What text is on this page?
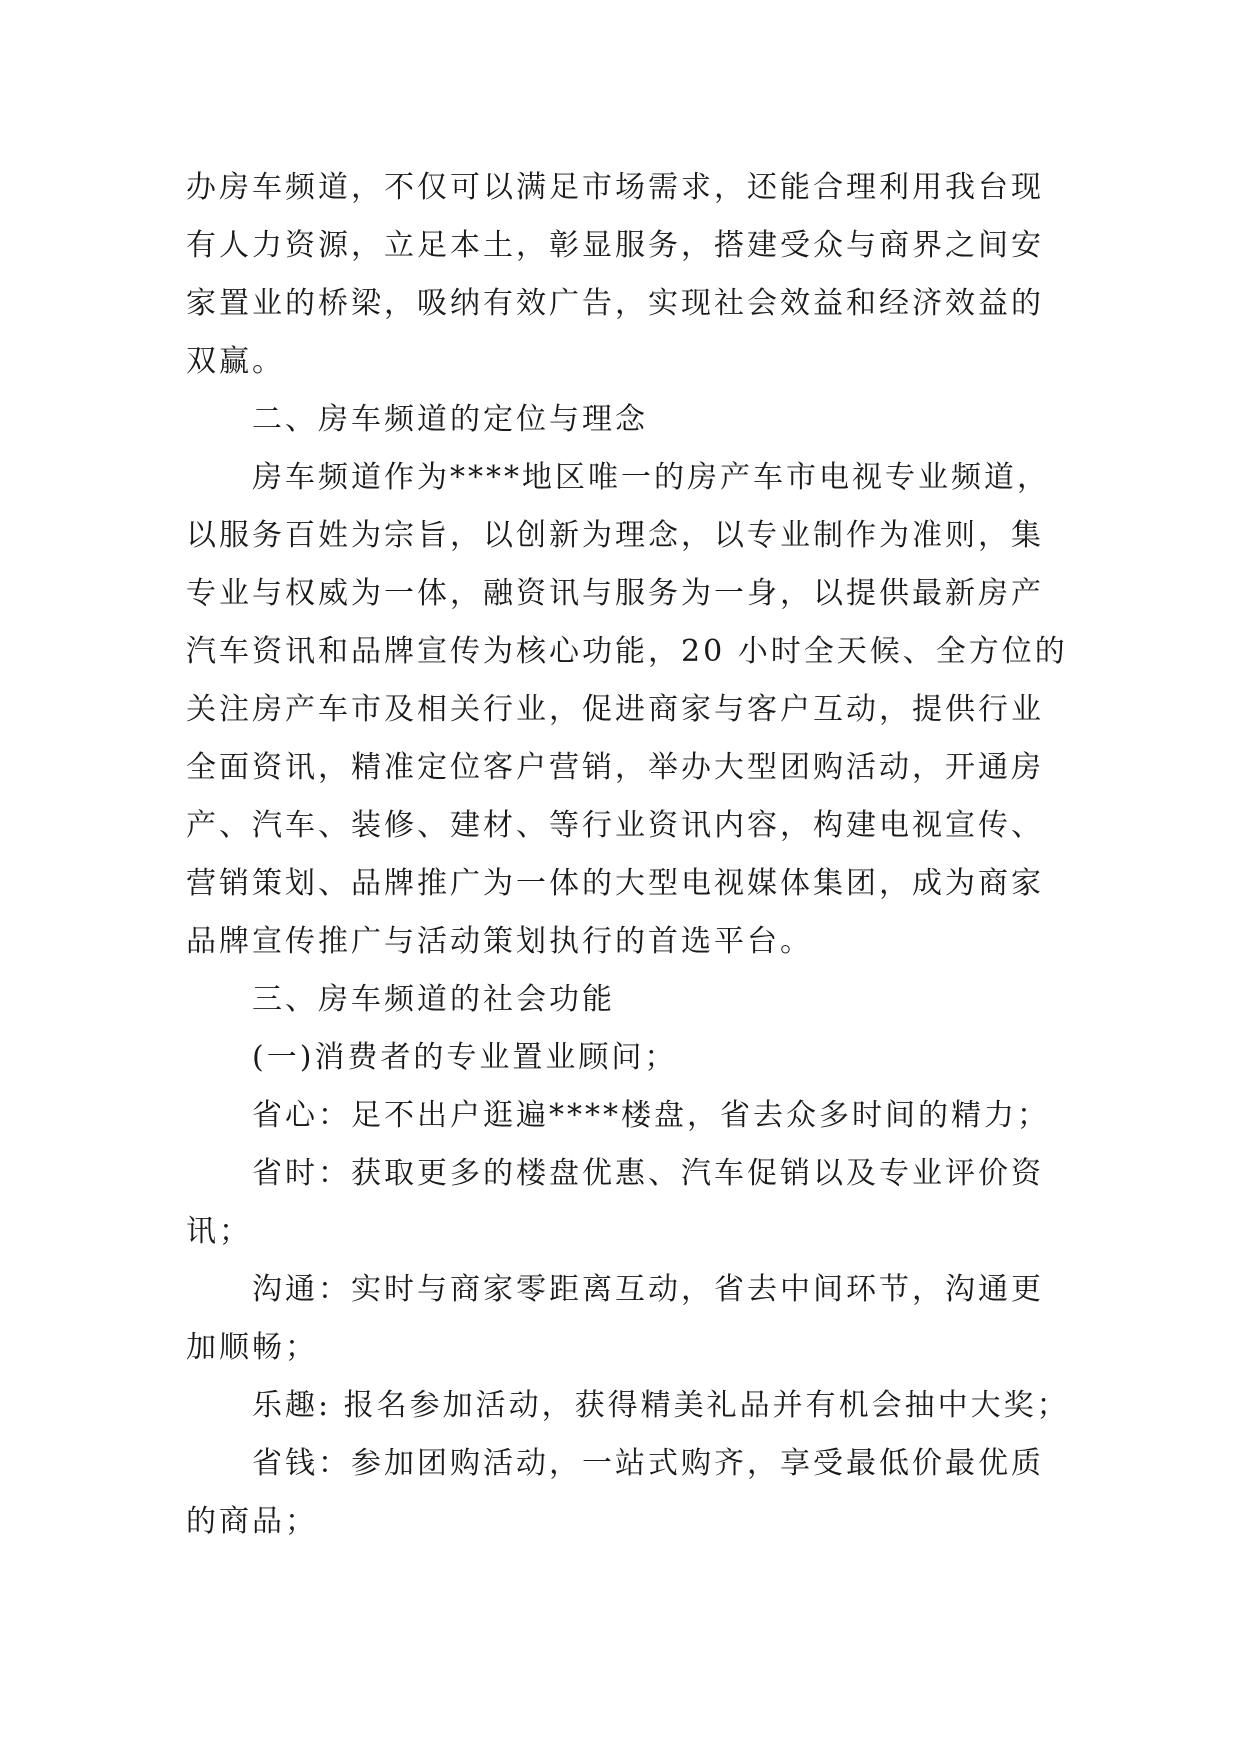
办房车频道，不仅可以满足市场需求，还能合理利用我台现

有人力资源，立足本土，彰显服务，搭建受众与商界之间安

家置业的桥梁，吸纳有效广告，实现社会效益和经济效益的

双赢。

二、房车频道的定位与理念

房车频道作为****地区唯一的房产车市电视专业频道，

以服务百姓为宗旨，以创新为理念，以专业制作为准则，集

专业与权威为一体，融资讯与服务为一身，以提供最新房产

汽车资讯和品牌宣传为核心功能，20 小时全天候、全方位的

关注房产车市及相关行业，促进商家与客户互动，提供行业

全面资讯，精准定位客户营销，举办大型团购活动，开通房

产、汽车、装修、建材、等行业资讯内容，构建电视宣传、

营销策划、品牌推广为一体的大型电视媒体集团，成为商家

品牌宣传推广与活动策划执行的首选平台。

三、房车频道的社会功能

(一)消费者的专业置业顾问；

省心：足不出户逛遍****楼盘，省去众多时间的精力；

省时：获取更多的楼盘优惠、汽车促销以及专业评价资

讯；

沟通：实时与商家零距离互动，省去中间环节，沟通更

加顺畅；

乐趣: 报名参加活动，获得精美礼品并有机会抽中大奖；

省钱：参加团购活动，一站式购齐，享受最低价最优质

的商品；
